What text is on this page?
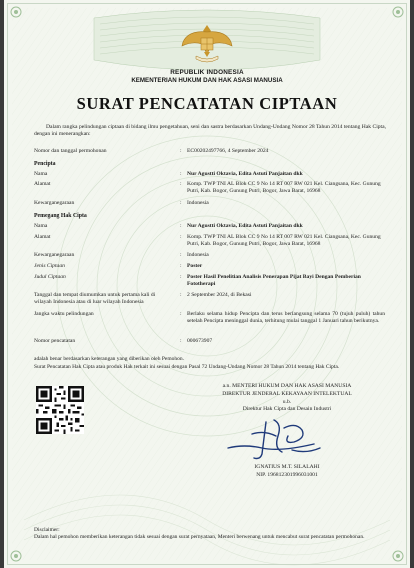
REPUBLIK INDONESIA
KEMENTERIAN HUKUM DAN HAK ASASI MANUSIA
SURAT PENCATATAN CIPTAAN
Dalam rangka pelindungan ciptaan di bidang ilmu pengetahuan, seni dan sastra berdasarkan Undang-Undang Nomor 28 Tahun 2014 tentang Hak Cipta, dengan ini menerangkan:
Nomor dan tanggal permohonan	: EC00202497766, 4 September 2024
Pencipta
Nama	: Nur Agustti Oktavia, Edita Astuti Panjaitan dkk
Alamat	: Komp. TWP TNI AL Blok CC 9 No 14 RT 007 RW 021 Kel. Ciangsana, Kec. Gunung Putri, Kab. Bogor, Gunung Putri, Bogor, Jawa Barat, 16968
Kewarganegaraan	: Indonesia
Pemegang Hak Cipta
Nama	: Nur Agustti Oktavia, Edita Astuti Panjaitan dkk
Alamat	: Komp. TWP TNI AL Blok CC 9 No 14 RT 007 RW 021 Kel. Ciangsana, Kec. Gunung Putri, Kab. Bogor, Gunung Putri, Bogor, Jawa Barat, 16968
Kewarganegaraan	: Indonesia
Jenis Ciptaan	: Poster
Judul Ciptaan	: Poster Hasil Penelitian Analisis Penerapan Pijat Bayi Dengan Pemberian Fototherapi
Tanggal dan tempat diumumkan untuk pertama kali di wilayah Indonesia atau di luar wilayah Indonesia
: 2 September 2024, di Bekasi
Jangka waktu pelindungan	: Berlaku selama hidup Pencipta dan terus berlangsung selama 70 (tujuh puluh) tahun setelah Pencipta meninggal dunia, terhitung mulai tanggal 1 Januari tahun berikutnya.
Nomor pencatatan	: 000673907
adalah benar berdasarkan keterangan yang diberikan oleh Pemohon.
Surat Pencatatan Hak Cipta atau produk Hak terkait ini sesuai dengan Pasal 72 Undang-Undang Nomor 28 Tahun 2014 tentang Hak Cipta.
a.n. MENTERI HUKUM DAN HAK ASASI MANUSIA
DIREKTUR JENDERAL KEKAYAAN INTELEKTUAL
u.b.
Direktur Hak Cipta dan Desain Industri
IGNATIUS M.T. SILALAHI
NIP. 196812301996031001
Disclaimer:
Dalam hal pemohon memberikan keterangan tidak sesuai dengan surat pernyataan, Menteri berwenang untuk mencabut surat pencatatan permohonan.
